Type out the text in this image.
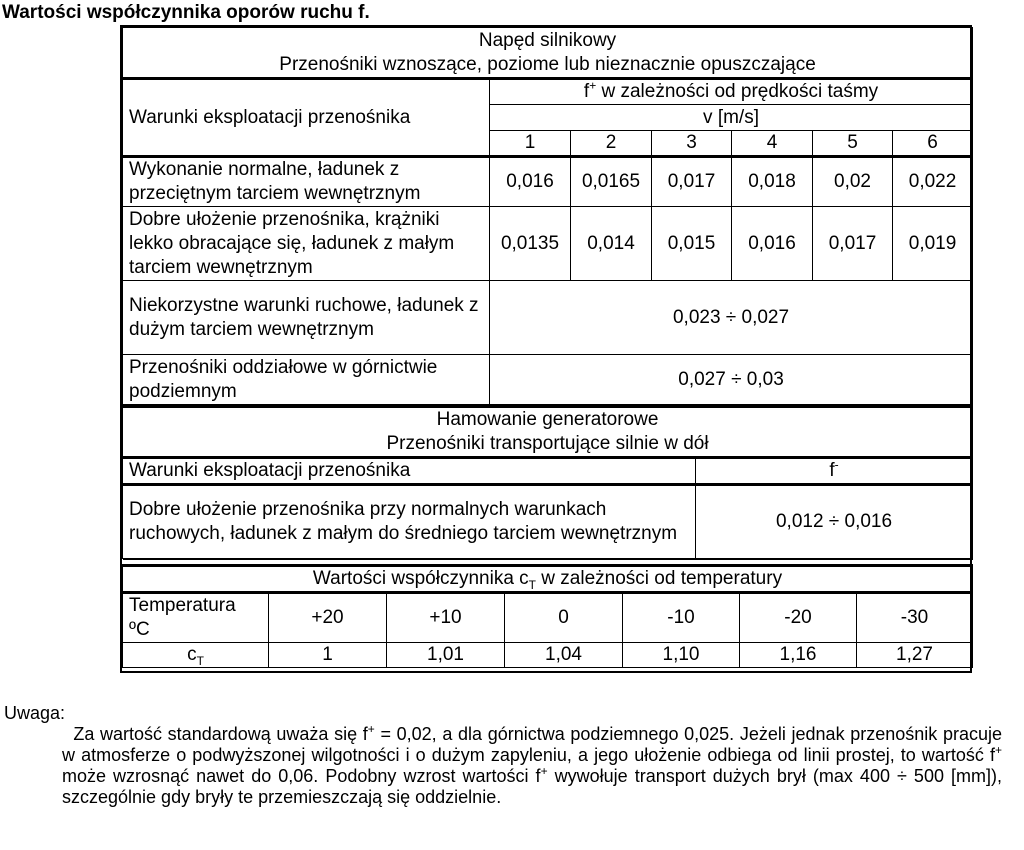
Wartości współczynnika oporów ruchu f.
Napęd silnikowy
Przenośniki wznoszące, poziome lub nieznacznie opuszczające						

Warunki eksploatacji przenośnika	f+ w zależności od prędkości taśmy					
	v [m/s]					
	1	2	3	4	5	6
Wykonanie normalne, ładunek z przeciętnym tarciem wewnętrznym	0,016	0,0165	0,017	0,018	0,02	0,022
Dobre ułożenie przenośnika, krążniki lekko obracające się, ładunek z małym tarciem wewnętrznym	0,0135	0,014	0,015	0,016	0,017	0,019
Niekorzystne warunki ruchowe, ładunek z dużym tarciem wewnętrznym	0,023 ÷ 0,027					
Przenośniki oddziałowe w górnictwie podziemnym	0,027 ÷ 0,03					
Hamowanie generatorowe
Przenośniki transportujące silnie w dół	

Warunki eksploatacji przenośnika	f-
Dobre ułożenie przenośnika przy normalnych warunkach ruchowych, ładunek z małym do średniego tarciem wewnętrznym	0,012 ÷ 0,016

Wartości współczynnika $c_T$ w zależności od temperatury						

Temperatura
ºC	+20	+10	0	-10	-20	-30
$c_T$	1	1,01	1,04	1,10	1,16	1,27
Uwaga:
Za wartość standardową uważa się f+ = 0,02, a dla górnictwa podziemnego 0,025. Jeżeli jednak przenośnik pracuje w atmosferze o podwyższonej wilgotności i o dużym zapyleniu, a jego ułożenie odbiega od linii prostej, to wartość f+ może wzrosnąć nawet do 0,06. Podobny wzrost wartości f+ wywołuje transport dużych brył (max 400 ÷ 500 [mm]), szczególnie gdy bryły te przemieszczają się oddzielnie.
